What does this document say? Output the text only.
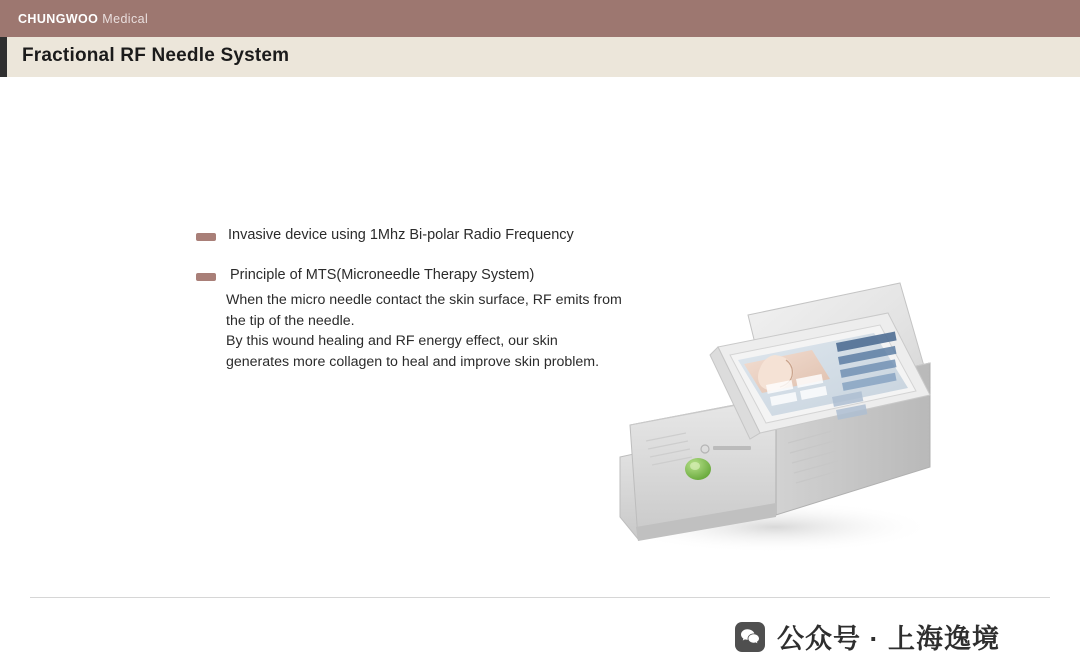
CHUNGWOO Medical
Fractional RF Needle System
Invasive device using 1Mhz Bi-polar Radio Frequency
Principle of MTS(Microneedle Therapy System)
When the micro needle contact the skin surface, RF emits from
the tip of the needle.
By this wound healing and RF energy effect, our skin
generates more collagen to heal and improve skin problem.
公众号 · 上海逸境
